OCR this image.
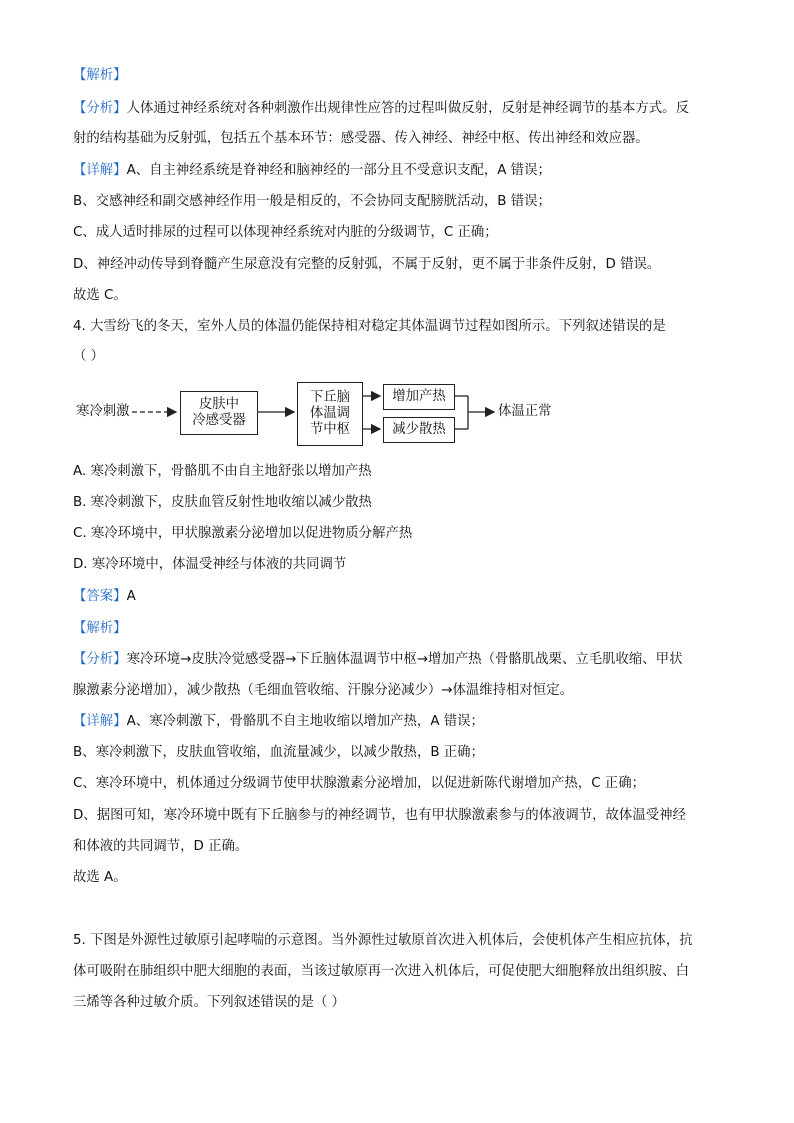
【解析】
【分析】人体通过神经系统对各种刺激作出规律性应答的过程叫做反射，反射是神经调节的基本方式。反
射的结构基础为反射弧，包括五个基本环节：感受器、传入神经、神经中枢、传出神经和效应器。
【详解】A、自主神经系统是脊神经和脑神经的一部分且不受意识支配，A 错误；
B、交感神经和副交感神经作用一般是相反的，不会协同支配膀胱活动，B 错误；
C、成人适时排尿的过程可以体现神经系统对内脏的分级调节，C 正确；
D、神经冲动传导到脊髓产生尿意没有完整的反射弧，不属于反射，更不属于非条件反射，D 错误。
故选 C。
4. 大雪纷飞的冬天，室外人员的体温仍能保持相对稳定其体温调节过程如图所示。下列叙述错误的是
（ ）
寒冷刺激	皮肤中
冷感受器
下丘脑
体温调
节中枢
增加产热
减少散热
体温正常
A. 寒冷刺激下，骨骼肌不由自主地舒张以增加产热
B. 寒冷刺激下，皮肤血管反射性地收缩以减少散热
C. 寒冷环境中，甲状腺激素分泌增加以促进物质分解产热
D. 寒冷环境中，体温受神经与体液的共同调节
【答案】A
【解析】
【分析】寒冷环境→皮肤冷觉感受器→下丘脑体温调节中枢→增加产热（骨骼肌战栗、立毛肌收缩、甲状
腺激素分泌增加），减少散热（毛细血管收缩、汗腺分泌减少）→体温维持相对恒定。
【详解】A、寒冷刺激下，骨骼肌不自主地收缩以增加产热，A 错误；
B、寒冷刺激下，皮肤血管收缩，血流量减少，以减少散热，B 正确；
C、寒冷环境中，机体通过分级调节使甲状腺激素分泌增加，以促进新陈代谢增加产热，C 正确；
D、据图可知，寒冷环境中既有下丘脑参与的神经调节，也有甲状腺激素参与的体液调节，故体温受神经
和体液的共同调节，D 正确。
故选 A。
5. 下图是外源性过敏原引起哮喘的示意图。当外源性过敏原首次进入机体后，会使机体产生相应抗体，抗
体可吸附在肺组织中肥大细胞的表面，当该过敏原再一次进入机体后，可促使肥大细胞释放出组织胺、白
三烯等各种过敏介质。下列叙述错误的是（ ）
